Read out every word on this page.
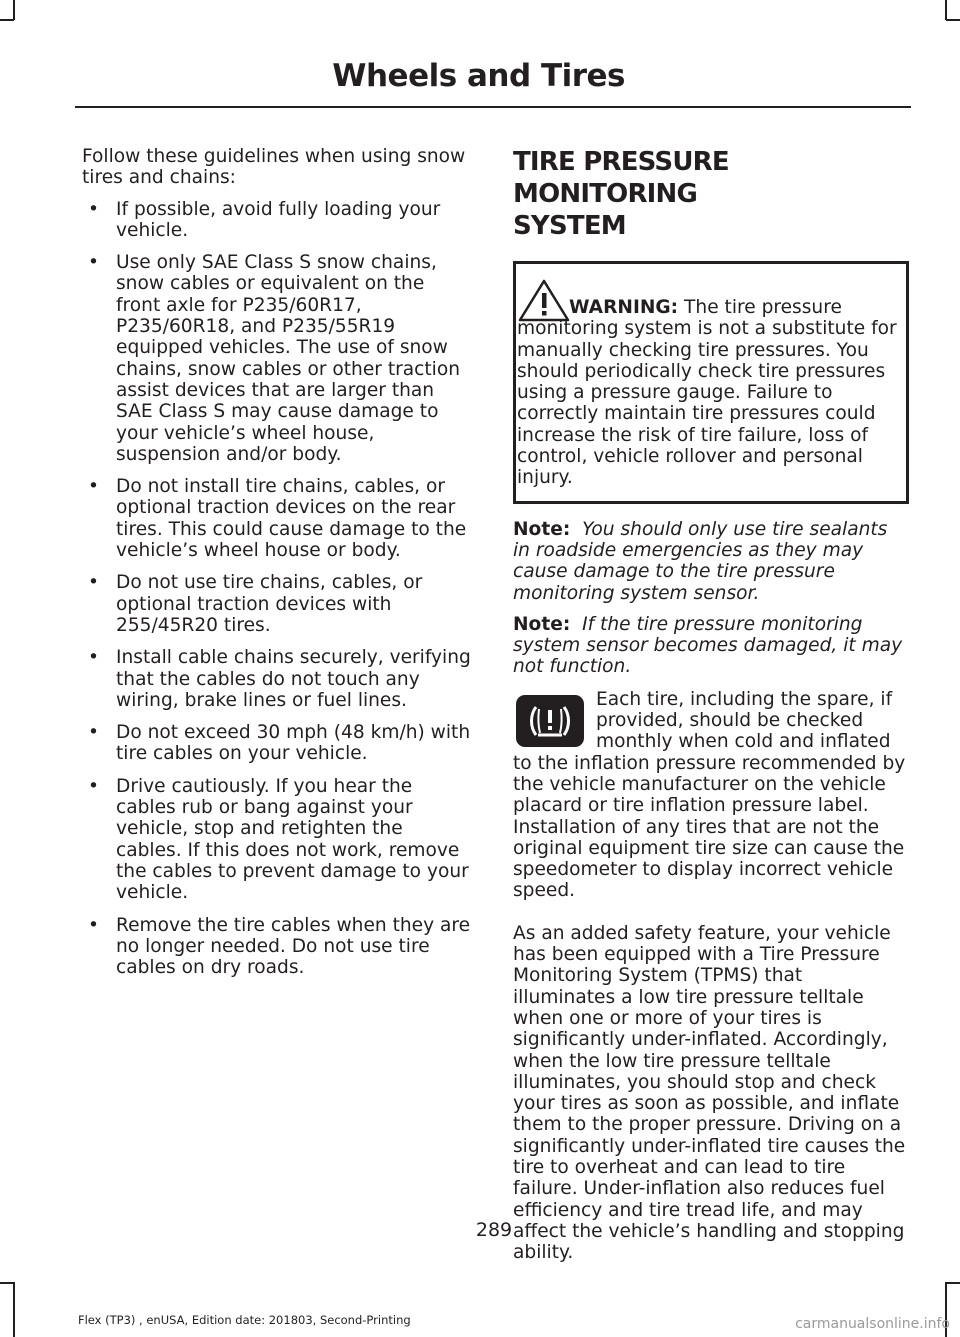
Wheels and Tires

Follow these guidelines when using snow tires and chains:

• If possible, avoid fully loading your vehicle.
• Use only SAE Class S snow chains, snow cables or equivalent on the front axle for P235/60R17, P235/60R18, and P235/55R19 equipped vehicles. The use of snow chains, snow cables or other traction assist devices that are larger than SAE Class S may cause damage to your vehicle’s wheel house, suspension and/or body.
• Do not install tire chains, cables, or optional traction devices on the rear tires. This could cause damage to the vehicle’s wheel house or body.
• Do not use tire chains, cables, or optional traction devices with 255/45R20 tires.
• Install cable chains securely, verifying that the cables do not touch any wiring, brake lines or fuel lines.
• Do not exceed 30 mph (48 km/h) with tire cables on your vehicle.
• Drive cautiously. If you hear the cables rub or bang against your vehicle, stop and retighten the cables. If this does not work, remove the cables to prevent damage to your vehicle.
• Remove the tire cables when they are no longer needed. Do not use tire cables on dry roads.
TIRE PRESSURE MONITORING
SYSTEM

WARNING: The tire pressure monitoring system is not a substitute for manually checking tire pressures. You should periodically check tire pressures using a pressure gauge. Failure to correctly maintain tire pressures could increase the risk of tire failure, loss of control, vehicle rollover and personal injury.

Note: You should only use tire sealants in roadside emergencies as they may cause damage to the tire pressure monitoring system sensor.

Note: If the tire pressure monitoring system sensor becomes damaged, it may not function.

Each tire, including the spare, if provided, should be checked monthly when cold and inflated to the inflation pressure recommended by the vehicle manufacturer on the vehicle placard or tire inflation pressure label. Installation of any tires that are not the original equipment tire size can cause the speedometer to display incorrect vehicle speed.

As an added safety feature, your vehicle has been equipped with a Tire Pressure Monitoring System (TPMS) that illuminates a low tire pressure telltale when one or more of your tires is significantly under-inflated. Accordingly, when the low tire pressure telltale illuminates, you should stop and check your tires as soon as possible, and inflate them to the proper pressure. Driving on a significantly under-inflated tire causes the tire to overheat and can lead to tire failure. Under-inflation also reduces fuel efficiency and tire tread life, and may affect the vehicle’s handling and stopping ability.

289

Flex (TP3) , enUSA, Edition date: 201803, Second-Printing	carmanualsonline.info
